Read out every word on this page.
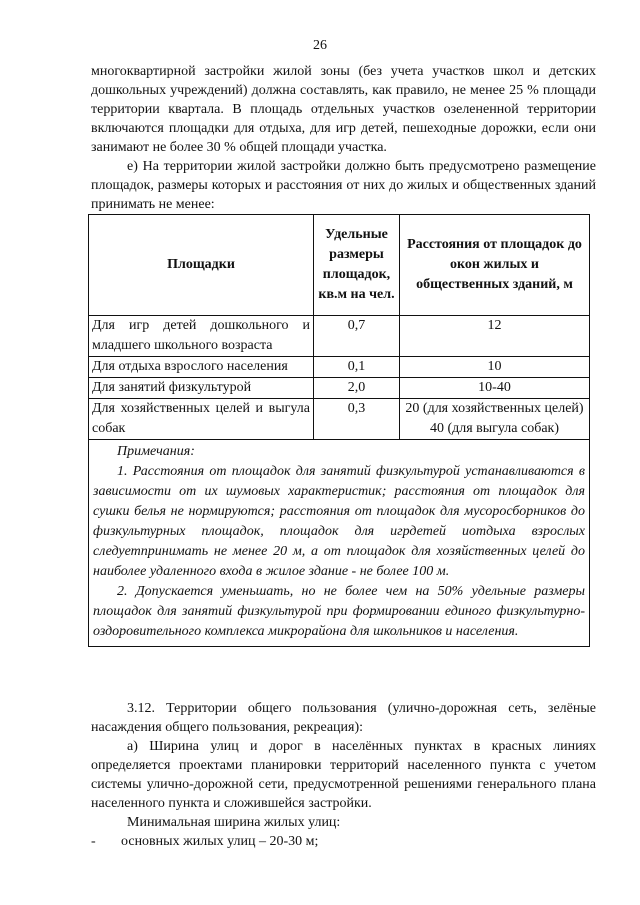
26

многоквартирной застройки жилой зоны (без учета участков школ и детских дошкольных учреждений) должна составлять, как правило, не менее 25 % площади территории квартала. В площадь отдельных участков озелененной территории включаются площадки для отдыха, для игр детей, пешеходные дорожки, если они занимают не более 30 % общей площади участка.

е) На территории жилой застройки должно быть предусмотрено размещение площадок, размеры которых и расстояния от них до жилых и общественных зданий принимать не менее:

Площадки	Удельные размеры площадок, кв.м на чел.	Расстояния от площадок до окон жилых и общественных зданий, м
Для игр детей дошкольного и младшего школьного возраста	0,7	12
Для отдыха взрослого населения	0,1	10
Для занятий физкультурой	2,0	10-40
Для хозяйственных целей и выгула собак	0,3	20 (для хозяйственных целей)
40 (для выгула собак)

Примечания:

1. Расстояния от площадок для занятий физкультурой устанавливаются в зависимости от их шумовых характеристик; расстояния от площадок для сушки белья не нормируются; расстояния от площадок для мусоросборников до физкультурных площадок, площадок для игрдетей иотдыха взрослых следуетпринимать не менее 20 м, а от площадок для хозяйственных целей до наиболее удаленного входа в жилое здание - не более 100 м.

2. Допускается уменьшать, но не более чем на 50% удельные размеры площадок для занятий физкультурой при формировании единого физкультурно-оздоровительного комплекса микрорайона для школьников и населения.		

3.12. Территории общего пользования (улично-дорожная сеть, зелёные насаждения общего пользования, рекреация):

а) Ширина улиц и дорог в населённых пунктах в красных линиях определяется проектами планировки территорий населенного пункта с учетом системы улично-дорожной сети, предусмотренной решениями генерального плана населенного пункта и сложившейся застройки.

Минимальная ширина жилых улиц:

-	основных жилых улиц – 20-30 м;
